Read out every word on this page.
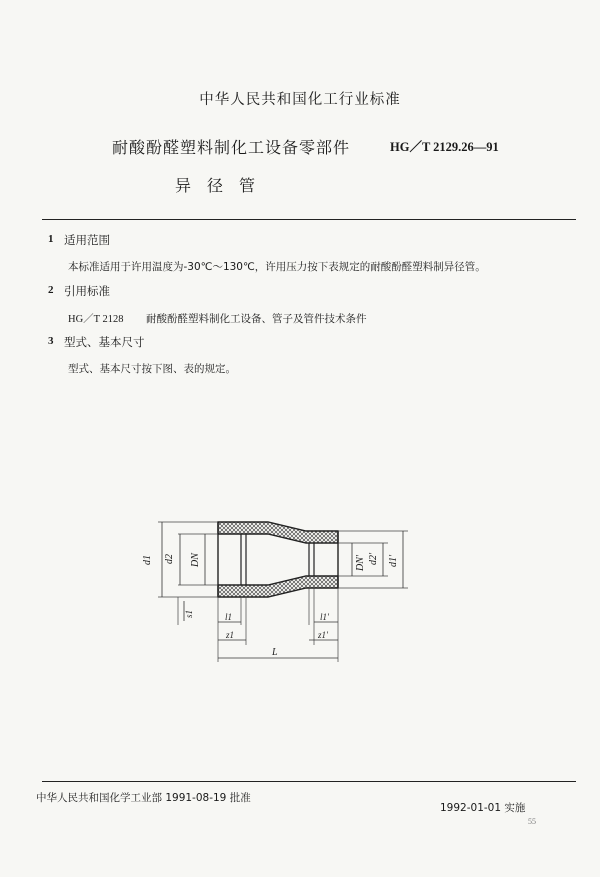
中华人民共和国化工行业标准
耐酸酚醛塑料制化工设备零部件	HG／T 2129.26—91
异径管
1 适用范围
本标准适用于许用温度为-30℃～130℃，许用压力按下表规定的耐酸酚醛塑料制异径管。
2 引用标准
HG／T 2128 耐酸酚醛塑料制化工设备、管子及管件技术条件
3 型式、基本尺寸
型式、基本尺寸按下图、表的规定。
d1 d2 DN	DN′ d2′ d1′
s1	l1
z1
l1′
z1′
L
中华人民共和国化学工业部 1991-08-19 批准
1992-01-01 实施
55
